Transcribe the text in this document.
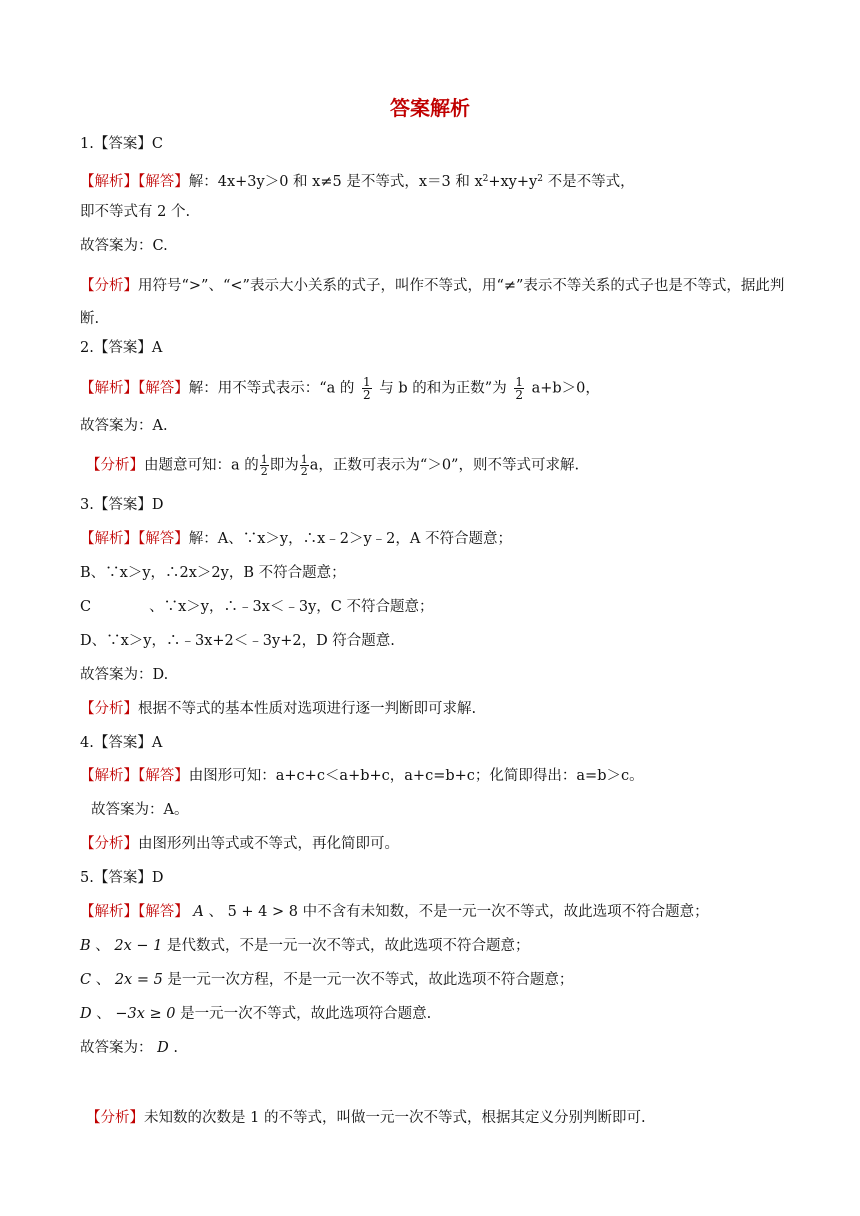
答案解析
1.【答案】C
【解析】【解答】解：4x+3y＞0 和 x≠5 是不等式，x＝3 和 $x^2+xy+y^2$ 不是不等式，
即不等式有 2 个.
故答案为：C.
【分析】用符号“>”、“<”表示大小关系的式子，叫作不等式，用“≠”表示不等关系的式子也是不等式，据此判断.
2.【答案】A
【解析】【解答】解：用不等式表示：“a 的 $\frac{1}{2}$ 与 b 的和为正数”为 $\frac{1}{2} a+b>0$，
故答案为：A.
【分析】由题意可知：a 的 $\frac{1}{2}$ 即为 $\frac{1}{2}$ a，正数可表示为“＞0”，则不等式可求解.
3.【答案】D
【解析】【解答】解：A、∵x＞y，∴x﹣2＞y﹣2，A 不符合题意；
B、∵x＞y，∴2x＞2y，B 不符合题意；
C	、∵x＞y，∴﹣3x＜﹣3y，C 不符合题意；
D、∵x＞y，∴﹣3x+2＜﹣3y+2，D 符合题意.
故答案为：D.
【分析】根据不等式的基本性质对选项进行逐一判断即可求解.
4.【答案】A
【解析】【解答】由图形可知：a+c+c＜a+b+c，a+c=b+c；化简即得出：a=b＞c。
故答案为：A。
【分析】由图形列出等式或不等式，再化简即可。
5.【答案】D
【解析】【解答】 A 、 5 + 4 > 8 中不含有未知数，不是一元一次不等式，故此选项不符合题意；
B 、 2x − 1 是代数式，不是一元一次不等式，故此选项不符合题意；
C 、 2x = 5 是一元一次方程，不是一元一次不等式，故此选项不符合题意；
D 、 −3x ≥ 0 是一元一次不等式，故此选项符合题意.
故答案为： D .
【分析】未知数的次数是 1 的不等式，叫做一元一次不等式，根据其定义分别判断即可.
